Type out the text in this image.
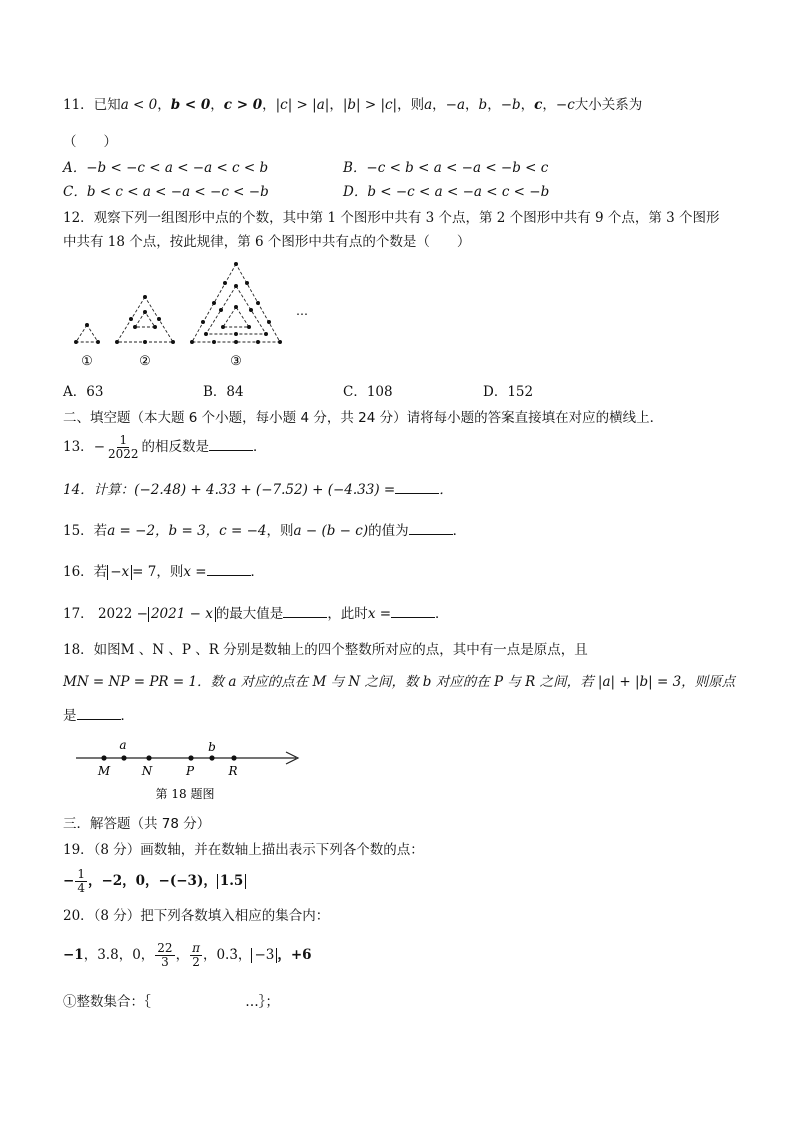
11．已知a < 0，b < 0，c > 0，|c| > |a|，|b| > |c|，则a，−a，b，−b，c，−c大小关系为
（　　）
A．−b < −c < a < −a < c < b	B．−c < b < a < −a < −b < c
C．b < c < a < −a < −c < −b	D．b < −c < a < −a < c < −b
12．观察下列一组图形中点的个数，其中第 1 个图形中共有 3 个点，第 2 个图形中共有 9 个点，第 3 个图形
中共有 18 个点，按此规律，第 6 个图形中共有点的个数是（　　）
①	②	③
…
A．63	B．84	C．108	D．152
二、填空题（本大题 6 个小题，每小题 4 分，共 24 分）请将每小题的答案直接填在对应的横线上．
13．− $\frac{1}{2022}$ 的相反数是	．
14．计算：(−2.48) + 4.33 + (−7.52) + (−4.33) =	．
15．若a = −2，b = 3，c = −4，则a − (b − c)的值为	．
16．若 −x = 7，则x =	．
17． 2022 − 2021 − x 的最大值是	，此时x =	．
18．如图M 、N 、P 、R 分别是数轴上的四个整数所对应的点，其中有一点是原点，且
MN = NP = PR = 1．数 a 对应的点在 M 与 N 之间，数 b 对应的在 P 与 R 之间，若 |a| + |b| = 3，则原点
是	．
a	b
M	N	P	R
第 18 题图
三．解答题（共 78 分）
19．（8 分）画数轴，并在数轴上描出表示下列各个数的点：
− $\frac{1}{4}$ ，−2，0，−(−3)， 1.5
20．（8 分）把下列各数填入相应的集合内：
−1，3.8，0， $\frac{22}{3}$ ， $\frac{\pi}{2}$ ，0.3̇， −3 ，+6
①整数集合：｛　　　　　　　…｝；
